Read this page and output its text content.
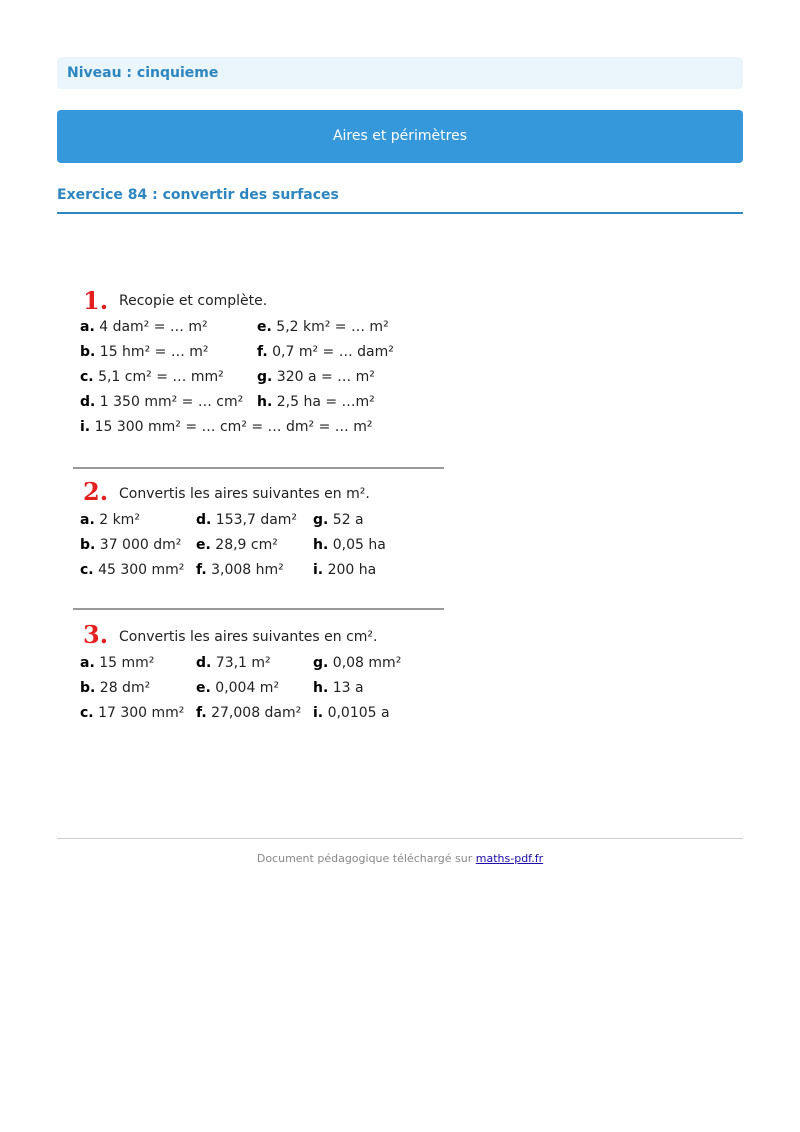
Niveau : cinquieme
Aires et périmètres
Exercice 84 : convertir des surfaces
1. Recopie et complète.
a. 4 dam² = … m²	e. 5,2 km² = … m²
b. 15 hm² = … m²	f. 0,7 m² = … dam²
c. 5,1 cm² = … mm² g. 320 a = … m²
d. 1 350 mm² = … cm² h. 2,5 ha = …m²
i. 15 300 mm² = … cm² = … dm² = … m²
2. Convertis les aires suivantes en m².
a. 2 km²	d. 153,7 dam² g. 52 a
b. 37 000 dm² e. 28,9 cm²	h. 0,05 ha
c. 45 300 mm² f. 3,008 hm² i. 200 ha
3. Convertis les aires suivantes en cm².
a. 15 mm²	d. 73,1 m²	g. 0,08 mm²
b. 28 dm²	e. 0,004 m² h. 13 a
c. 17 300 mm² f. 27,008 dam² i. 0,0105 a
Document pédagogique téléchargé sur maths-pdf.fr
